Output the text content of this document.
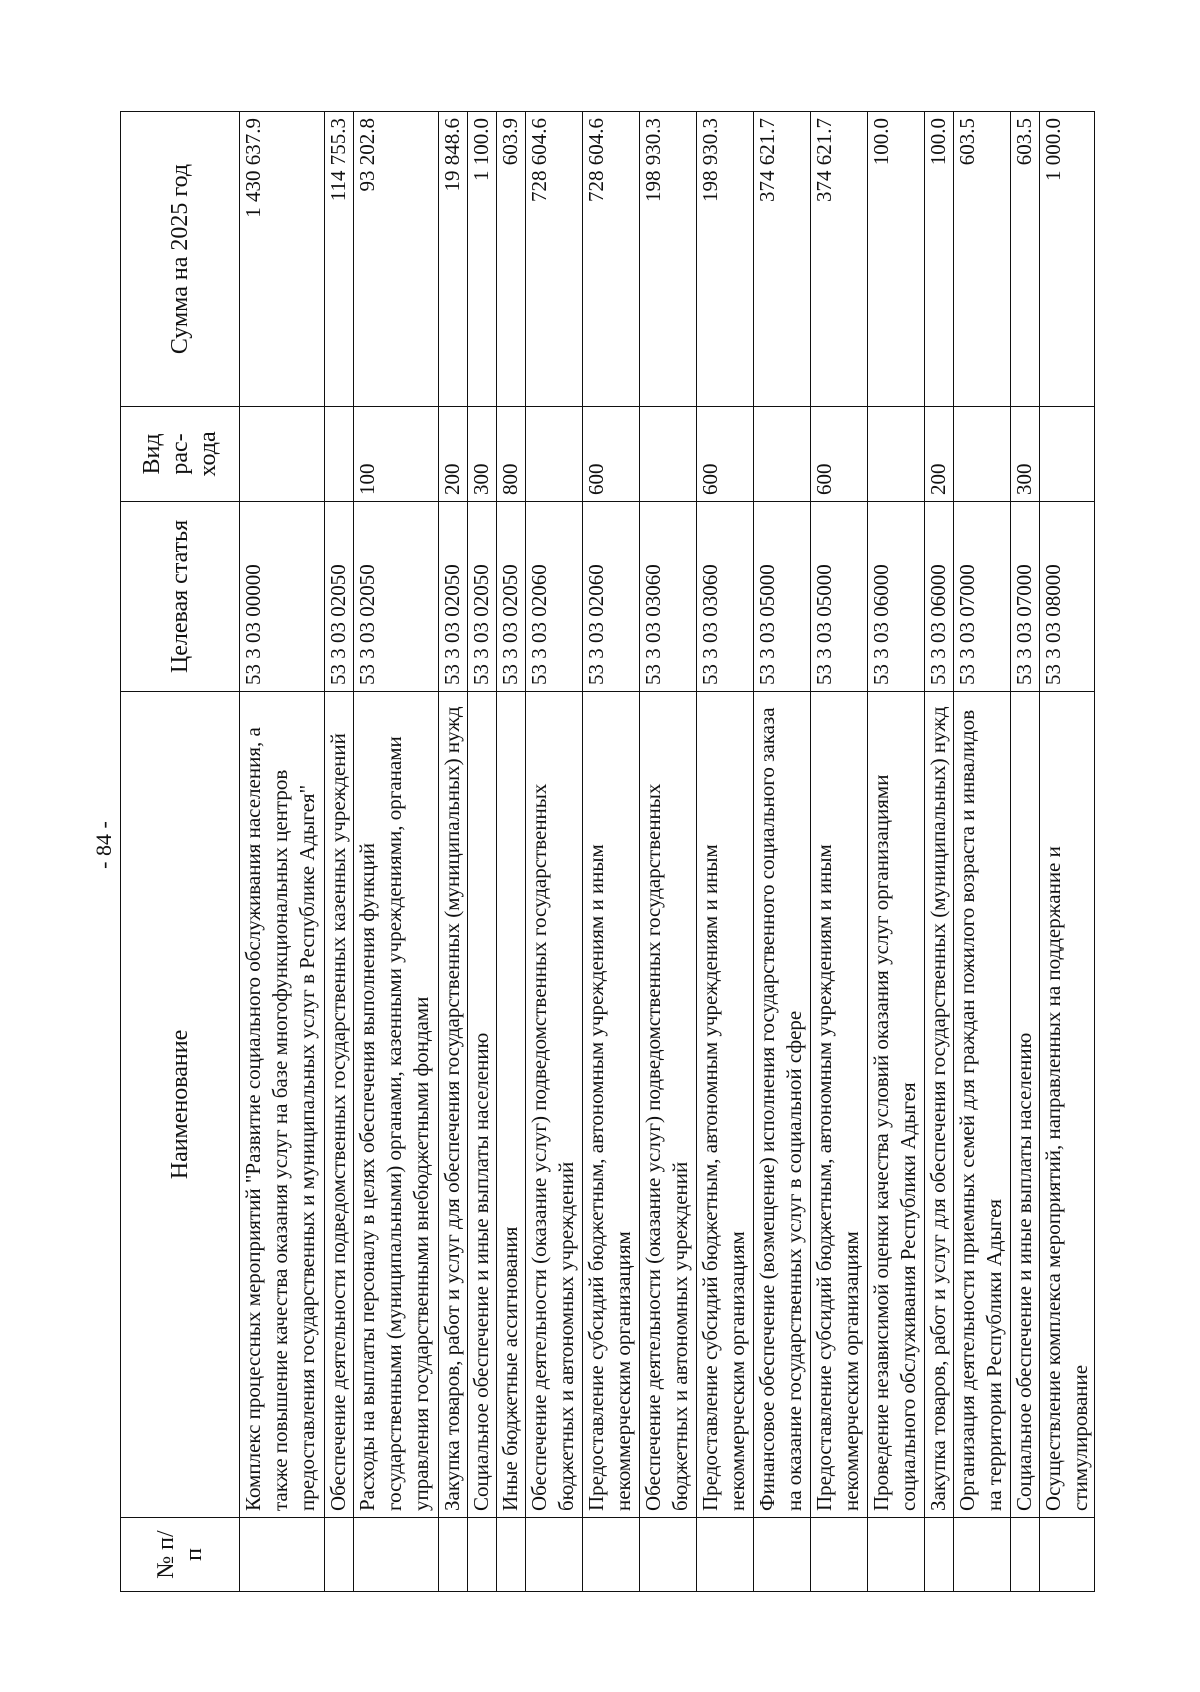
- 84 -
№ п/п	Наименование	Целевая статья	Вид рас-хода	Сумма на 2025 год
	Комплекс процессных мероприятий "Развитие социального обслуживания населения, а также повышение качества оказания услуг на базе многофункциональных центров предоставления государственных и муниципальных услуг в Республике Адыгея"	53 3 03 00000		1 430 637.9
	Обеспечение деятельности подведомственных государственных казенных учреждений	53 3 03 02050		114 755.3
	Расходы на выплаты персоналу в целях обеспечения выполнения функций государственными (муниципальными) органами, казенными учреждениями, органами управления государственными внебюджетными фондами	53 3 03 02050	100	93 202.8
	Закупка товаров, работ и услуг для обеспечения государственных (муниципальных) нужд	53 3 03 02050	200	19 848.6
	Социальное обеспечение и иные выплаты населению	53 3 03 02050	300	1 100.0
	Иные бюджетные ассигнования	53 3 03 02050	800	603.9
	Обеспечение деятельности (оказание услуг) подведомственных государственных бюджетных и автономных учреждений	53 3 03 02060		728 604.6
	Предоставление субсидий бюджетным, автономным учреждениям и иным некоммерческим организациям	53 3 03 02060	600	728 604.6
	Обеспечение деятельности (оказание услуг) подведомственных государственных бюджетных и автономных учреждений	53 3 03 03060		198 930.3
	Предоставление субсидий бюджетным, автономным учреждениям и иным некоммерческим организациям	53 3 03 03060	600	198 930.3
	Финансовое обеспечение (возмещение) исполнения государственного социального заказа на оказание государственных услуг в социальной сфере	53 3 03 05000		374 621.7
	Предоставление субсидий бюджетным, автономным учреждениям и иным некоммерческим организациям	53 3 03 05000	600	374 621.7
	Проведение независимой оценки качества условий оказания услуг организациями социального обслуживания Республики Адыгея	53 3 03 06000		100.0
	Закупка товаров, работ и услуг для обеспечения государственных (муниципальных) нужд	53 3 03 06000	200	100.0
	Организация деятельности приемных семей для граждан пожилого возраста и инвалидов на территории Республики Адыгея	53 3 03 07000		603.5
	Социальное обеспечение и иные выплаты населению	53 3 03 07000	300	603.5
	Осуществление комплекса мероприятий, направленных на поддержание и стимулирование	53 3 03 08000		1 000.0
